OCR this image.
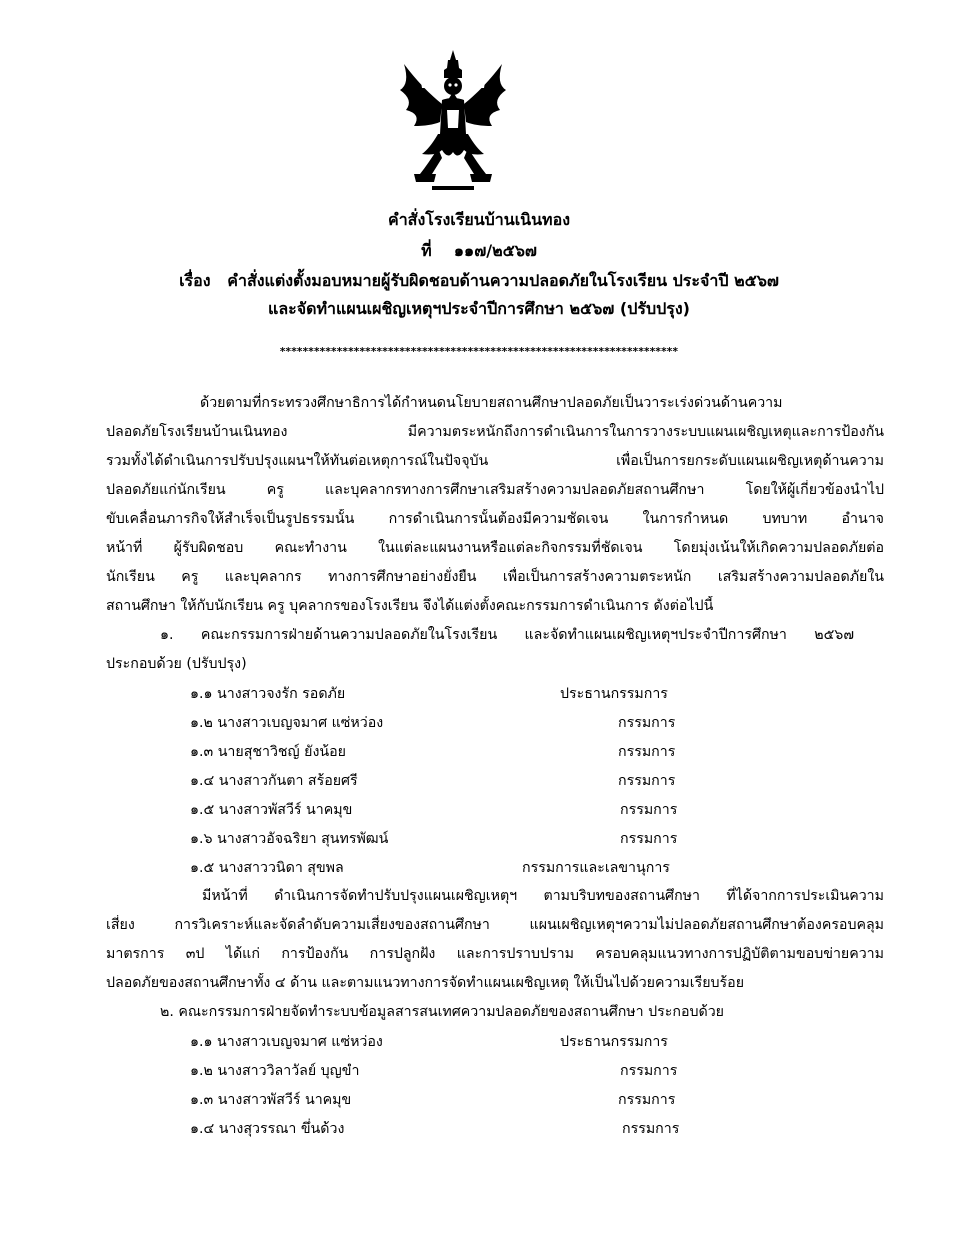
คำสั่งโรงเรียนบ้านเนินทอง
ที่ ๑๑๗/๒๕๖๗
เรื่อง คำสั่งแต่งตั้งมอบหมายผู้รับผิดชอบด้านความปลอดภัยในโรงเรียน ประจำปี ๒๕๖๗
และจัดทำแผนเผชิญเหตุฯประจำปีการศึกษา ๒๕๖๗ (ปรับปรุง)
**********************************************************************
ด้วยตามที่กระทรวงศึกษาธิการได้กำหนดนโยบายสถานศึกษาปลอดภัยเป็นวาระเร่งด่วนด้านความ
ปลอดภัยโรงเรียนบ้านเนินทอง มีความตระหนักถึงการดำเนินการในการวางระบบแผนเผชิญเหตุและการป้องกัน
รวมทั้งได้ดำเนินการปรับปรุงแผนฯให้ทันต่อเหตุการณ์ในปัจจุบัน เพื่อเป็นการยกระดับแผนเผชิญเหตุด้านความ
ปลอดภัยแก่นักเรียน ครู และบุคลากรทางการศึกษาเสริมสร้างความปลอดภัยสถานศึกษา โดยให้ผู้เกี่ยวข้องนำไป
ขับเคลื่อนภารกิจให้สำเร็จเป็นรูปธรรมนั้น การดำเนินการนั้นต้องมีความชัดเจน ในการกำหนด บทบาท อำนาจ
หน้าที่ ผู้รับผิดชอบ คณะทำงาน ในแต่ละแผนงานหรือแต่ละกิจกรรมที่ชัดเจน โดยมุ่งเน้นให้เกิดความปลอดภัยต่อ
นักเรียน ครู และบุคลากร ทางการศึกษาอย่างยั่งยืน เพื่อเป็นการสร้างความตระหนัก เสริมสร้างความปลอดภัยใน
สถานศึกษา ให้กับนักเรียน ครู บุคลากรของโรงเรียน จึงได้แต่งตั้งคณะกรรมการดำเนินการ ดังต่อไปนี้
๑. คณะกรรมการฝ่ายด้านความปลอดภัยในโรงเรียน และจัดทำแผนเผชิญเหตุฯประจำปีการศึกษา ๒๕๖๗
ประกอบด้วย (ปรับปรุง)
๑.๑ นางสาวจงรัก รอดภัย	ประธานกรรมการ
๑.๒ นางสาวเบญจมาศ แซ่หว่อง	กรรมการ
๑.๓ นายสุชาวิชญ์ ยังน้อย	กรรมการ
๑.๔ นางสาวกันตา สร้อยศรี	กรรมการ
๑.๕ นางสาวพัสวีร์ นาคมุข	กรรมการ
๑.๖ นางสาวอัจฉริยา สุนทรพัฒน์	กรรมการ
๑.๕ นางสาววนิดา สุขพล	กรรมการและเลขานุการ
มีหน้าที่ ดำเนินการจัดทำปรับปรุงแผนเผชิญเหตุฯ ตามบริบทของสถานศึกษา ที่ได้จากการประเมินความ
เสี่ยง การวิเคราะห์และจัดลำดับความเสี่ยงของสถานศึกษา แผนเผชิญเหตุฯความไม่ปลอดภัยสถานศึกษาต้องครอบคลุม
มาตรการ ๓ป ได้แก่ การป้องกัน การปลูกฝัง และการปราบปราม ครอบคลุมแนวทางการปฏิบัติตามขอบข่ายความ
ปลอดภัยของสถานศึกษาทั้ง ๔ ด้าน และตามแนวทางการจัดทำแผนเผชิญเหตุ ให้เป็นไปด้วยความเรียบร้อย
๒. คณะกรรมการฝ่ายจัดทำระบบข้อมูลสารสนเทศความปลอดภัยของสถานศึกษา ประกอบด้วย
๑.๑ นางสาวเบญจมาศ แซ่หว่อง	ประธานกรรมการ
๑.๒ นางสาววิลาวัลย์ บุญขำ	กรรมการ
๑.๓ นางสาวพัสวีร์ นาคมุข	กรรมการ
๑.๔ นางสุวรรณา ขึ่นด้วง	กรรมการ
